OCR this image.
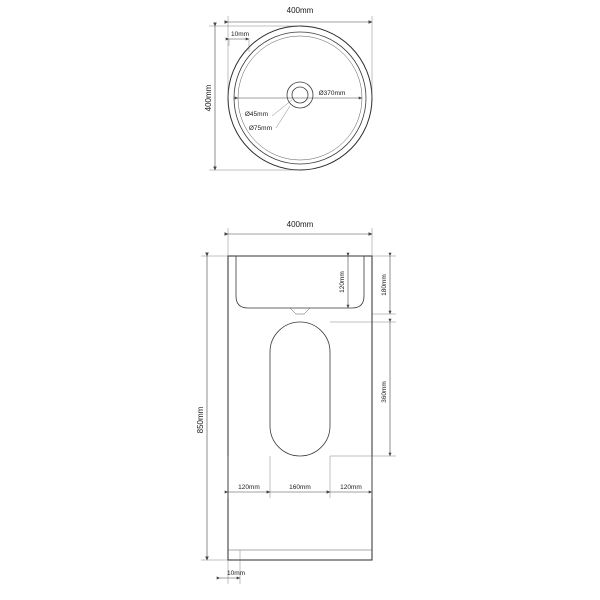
400mm
400mm
10mm
Ø370mm
Ø45mm
Ø75mm
400mm
850mm
120mm	180mm
360mm
120mm	160mm	120mm
10mm
